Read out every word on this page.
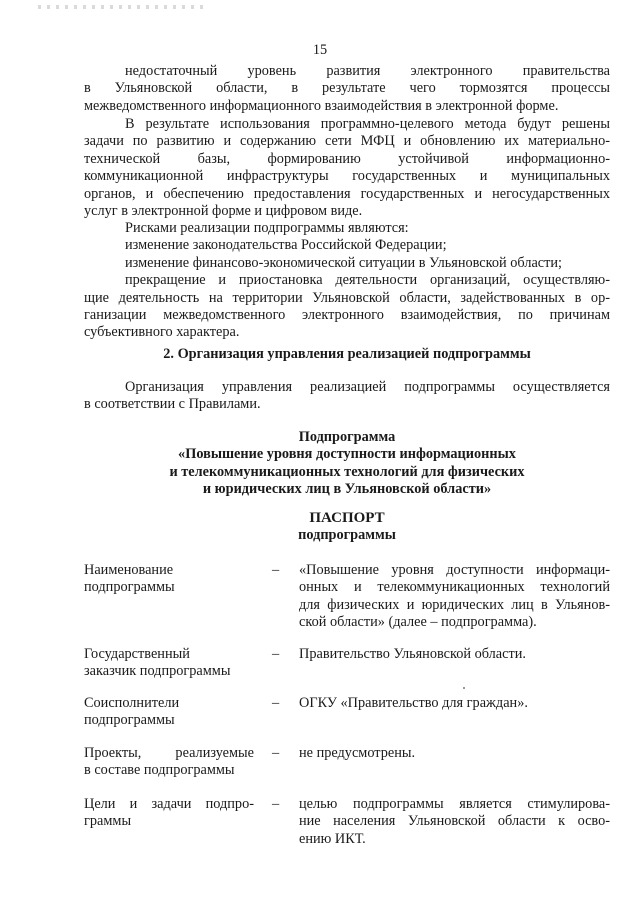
15

недостаточный уровень развития электронного правительства

в Ульяновской области, в результате чего тормозятся процессы

межведомственного информационного взаимодействия в электронной форме.

В результате использования программно-целевого метода будут решены

задачи по развитию и содержанию сети МФЦ и обновлению их материально-

технической базы, формированию устойчивой информационно-

коммуникационной инфраструктуры государственных и муниципальных

органов, и обеспечению предоставления государственных и негосударственных

услуг в электронной форме и цифровом виде.

Рисками реализации подпрограммы являются:

изменение законодательства Российской Федерации;

изменение финансово-экономической ситуации в Ульяновской области;

прекращение и приостановка деятельности организаций, осуществляю-

щие деятельность на территории Ульяновской области, задействованных в ор-

ганизации межведомственного электронного взаимодействия, по причинам

субъективного характера.

2. Организация управления реализацией подпрограммы

Организация управления реализацией подпрограммы осуществляется

в соответствии с Правилами.

Подпрограмма

«Повышение уровня доступности информационных

и телекоммуникационных технологий для физических

и юридических лиц в Ульяновской области»

ПАСПОРТ

подпрограммы

Наименование

подпрограммы

– «Повышение уровня доступности информаци-

онных и телекоммуникационных технологий

для физических и юридических лиц в Ульянов-

ской области» (далее – подпрограмма).

Государственный

заказчик подпрограммы

– Правительство Ульяновской области.

Соисполнители

подпрограммы

– ОГКУ «Правительство для граждан».

Проекты, реализуемые

в составе подпрограммы

– не предусмотрены.

Цели и задачи подпро-

граммы

– целью подпрограммы является стимулирова-

ние населения Ульяновской области к осво-

ению ИКТ.
